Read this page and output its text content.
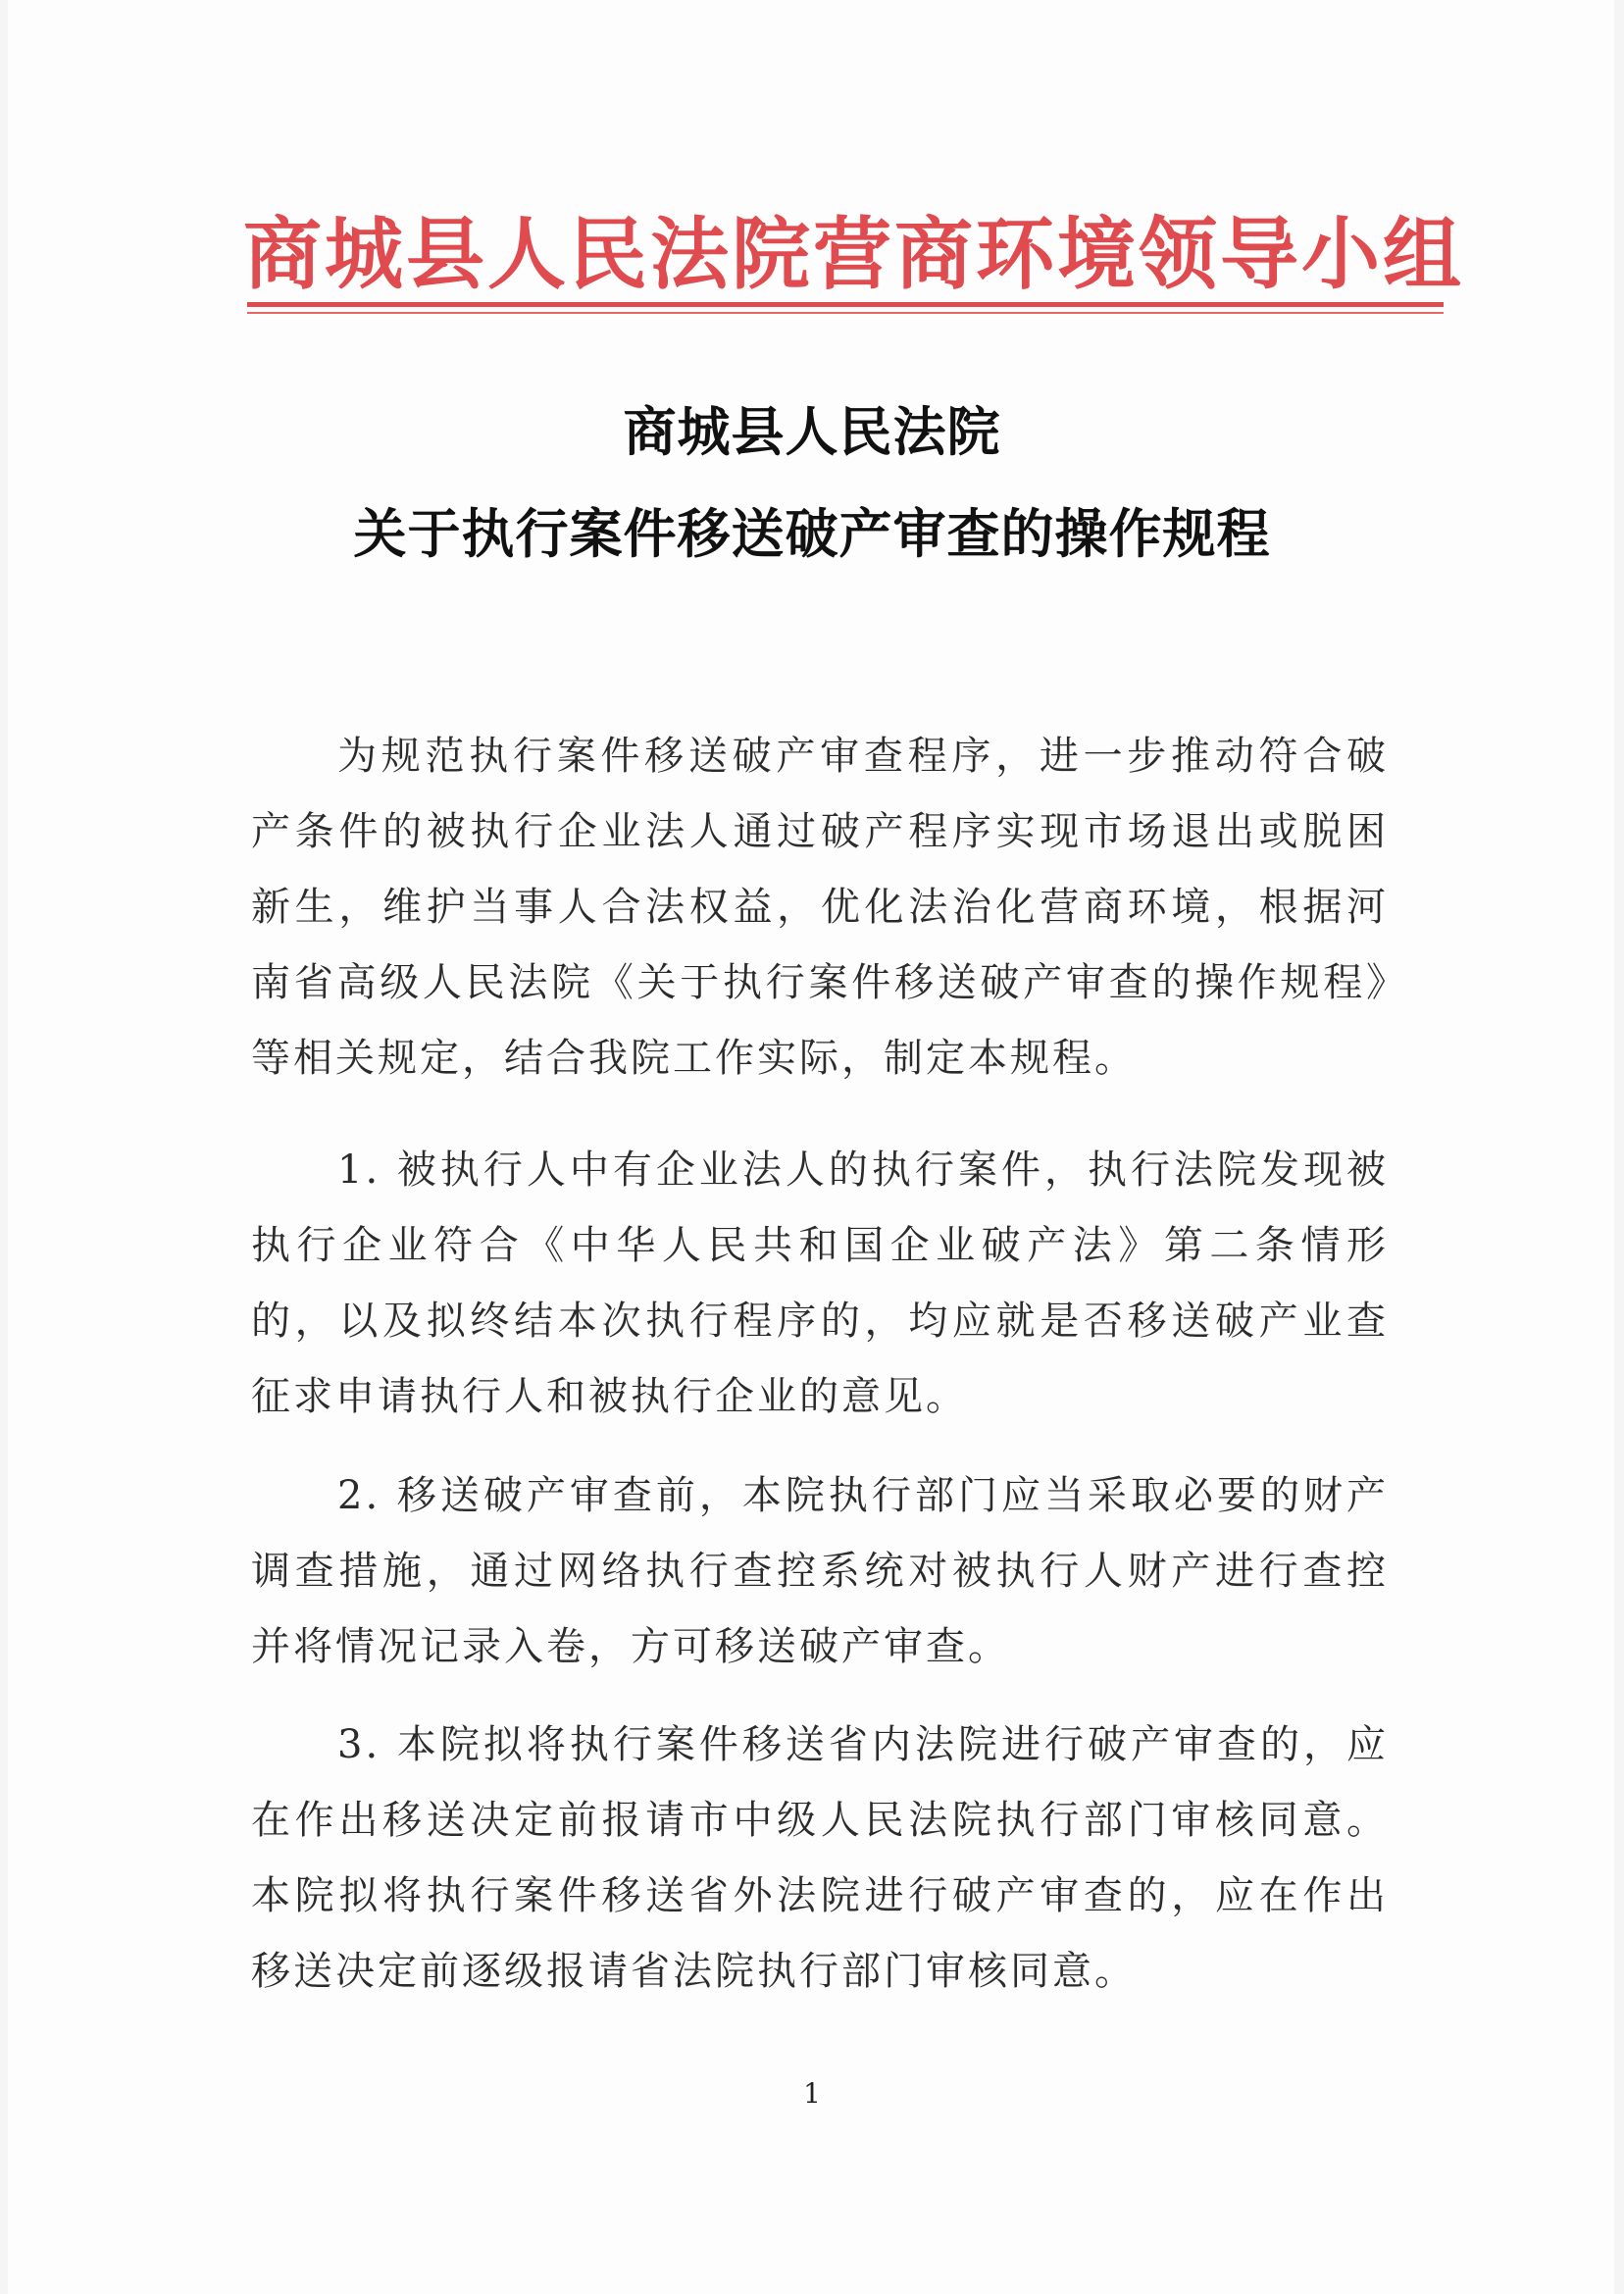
商城县人民法院营商环境领导小组
商城县人民法院
关于执行案件移送破产审查的操作规程

为规范执行案件移送破产审查程序，进一步推动符合破产条件的被执行企业法人通过破产程序实现市场退出或脱困新生，维护当事人合法权益，优化法治化营商环境，根据河南省高级人民法院《关于执行案件移送破产审查的操作规程》等相关规定，结合我院工作实际，制定本规程。

1. 被执行人中有企业法人的执行案件，执行法院发现被执行企业符合《中华人民共和国企业破产法》第二条情形的，以及拟终结本次执行程序的，均应就是否移送破产业查征求申请执行人和被执行企业的意见。

2. 移送破产审查前，本院执行部门应当采取必要的财产调查措施，通过网络执行查控系统对被执行人财产进行查控并将情况记录入卷，方可移送破产审查。

3. 本院拟将执行案件移送省内法院进行破产审查的，应在作出移送决定前报请市中级人民法院执行部门审核同意。本院拟将执行案件移送省外法院进行破产审查的，应在作出移送决定前逐级报请省法院执行部门审核同意。

1
